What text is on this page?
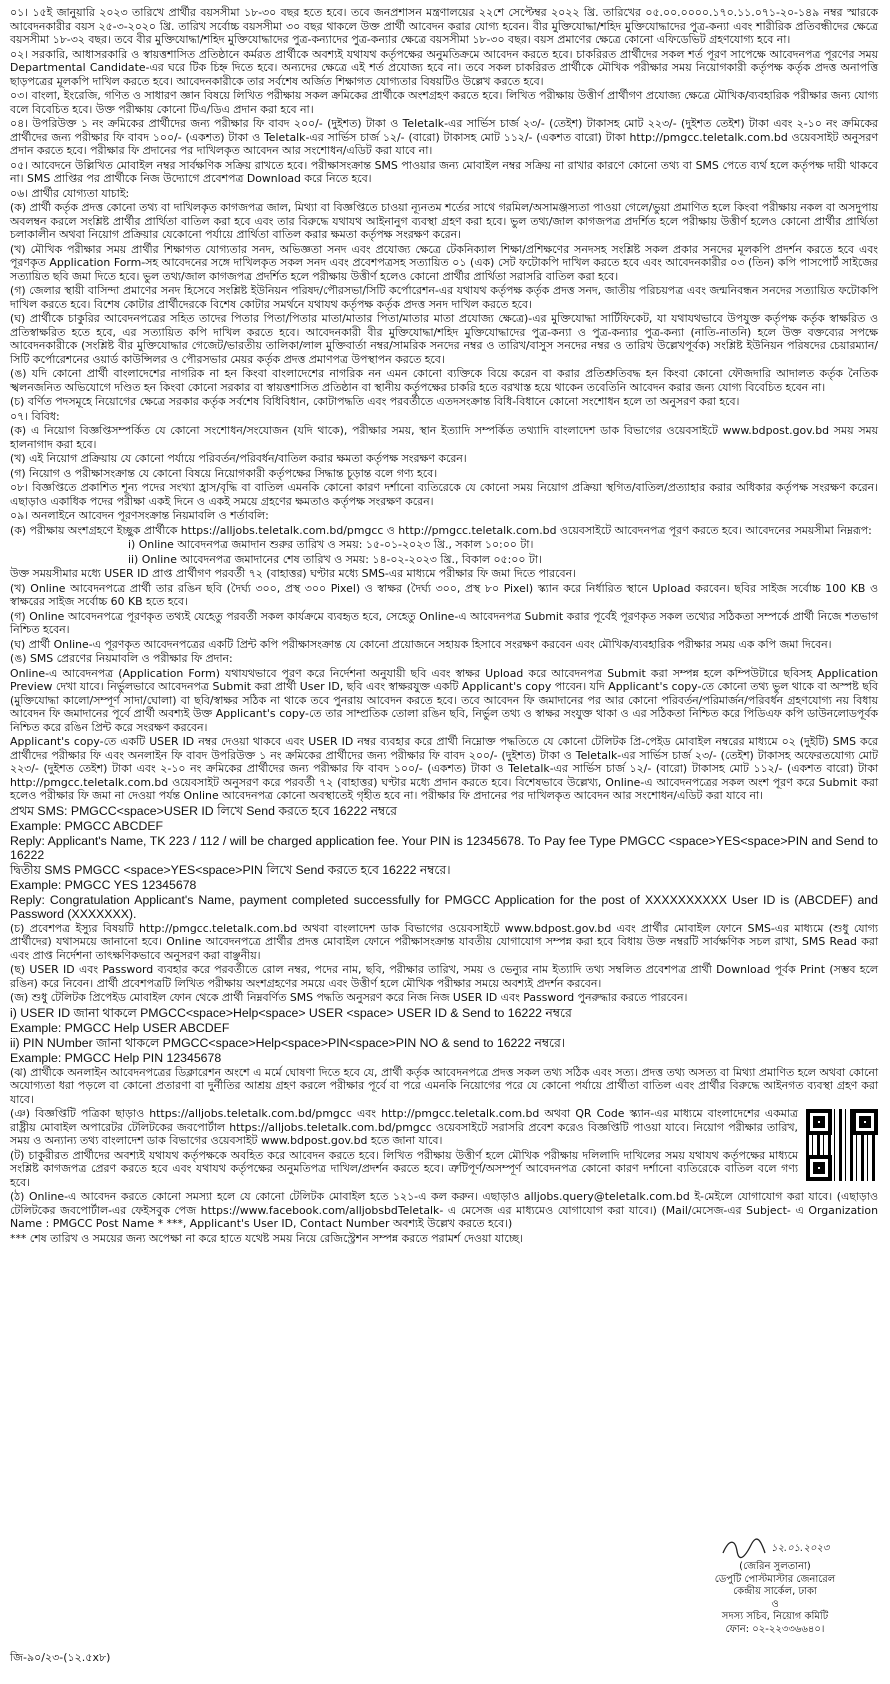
০১। ১৫ই জানুয়ারি ২০২৩ তারিখে প্রার্থীর বয়সসীমা ১৮-৩০ বছর হতে হবে। তবে জনপ্রশাসন মন্ত্রণালয়ের ২২শে সেপ্টেম্বর ২০২২ খ্রি. তারিখের ০৫.০০.০০০০.১৭০.১১.০৭১-২০-১৪৯ নম্বর স্মারকে আবেদনকারীর বয়স ২৫-৩-২০২০ খ্রি. তারিখ সর্বোচ্চ বয়সসীমা ৩০ বছর থাকলে উক্ত প্রার্থী আবেদন করার যোগ্য হবেন। বীর মুক্তিযোদ্ধা/শহিদ মুক্তিযোদ্ধাদের পুত্র-কন্যা এবং শারীরিক প্রতিবন্ধীদের ক্ষেত্রে বয়সসীমা ১৮-৩২ বছর। তবে বীর মুক্তিযোদ্ধা/শহিদ মুক্তিযোদ্ধাদের পুত্র-কন্যাদের পুত্র-কন্যার ক্ষেত্রে বয়সসীমা ১৮-৩০ বছর। বয়স প্রমাণের ক্ষেত্রে কোনো এফিডেভিট গ্রহণযোগ্য হবে না।

০২। সরকারি, আধাসরকারি ও স্বায়ত্তশাসিত প্রতিষ্ঠানে কর্মরত প্রার্থীকে অবশ্যই যথাযথ কর্তৃপক্ষের অনুমতিক্রমে আবেদন করতে হবে। চাকরিরত প্রার্থীদের সকল শর্ত পূরণ সাপেক্ষে আবেদনপত্র পূরণের সময় Departmental Candidate-এর ঘরে টিক চিহ্ন দিতে হবে। অন্যদের ক্ষেত্রে এই শর্ত প্রযোজ্য হবে না। তবে সকল চাকরিরত প্রার্থীকে মৌখিক পরীক্ষার সময় নিয়োগকারী কর্তৃপক্ষ কর্তৃক প্রদত্ত অনাপত্তি ছাড়পত্রের মূলকপি দাখিল করতে হবে। আবেদনকারীকে তার সর্বশেষ অর্জিত শিক্ষাগত যোগ্যতার বিষয়টিও উল্লেখ করতে হবে।

০৩। বাংলা, ইংরেজি, গণিত ও সাধারণ জ্ঞান বিষয়ে লিখিত পরীক্ষায় সকল ক্রমিকের প্রার্থীকে অংশগ্রহণ করতে হবে। লিখিত পরীক্ষায় উত্তীর্ণ প্রার্থীগণ প্রযোজ্য ক্ষেত্রে মৌখিক/ব্যবহারিক পরীক্ষার জন্য যোগ্য বলে বিবেচিত হবে। উক্ত পরীক্ষায় কোনো টিএ/ডিএ প্রদান করা হবে না।

০৪। উপরিউক্ত ১ নং ক্রমিকের প্রার্থীদের জন্য পরীক্ষার ফি বাবদ ২০০/- (দুইশত) টাকা ও Teletalk-এর সার্ভিস চার্জ ২৩/- (তেইশ) টাকাসহ মোট ২২৩/- (দুইশত তেইশ) টাকা এবং ২-১০ নং ক্রমিকের প্রার্থীদের জন্য পরীক্ষার ফি বাবদ ১০০/- (একশত) টাকা ও Teletalk-এর সার্ভিস চার্জ ১২/- (বারো) টাকাসহ মোট ১১২/- (একশত বারো) টাকা http://pmgcc.teletalk.com.bd ওয়েবসাইট অনুসরণ প্রদান করতে হবে। পরীক্ষার ফি প্রদানের পর দাখিলকৃত আবেদন আর সংশোধন/এডিট করা যাবে না।

০৫। আবেদনে উল্লিখিত মোবাইল নম্বর সার্বক্ষণিক সক্রিয় রাখতে হবে। পরীক্ষাসংক্রান্ত SMS পাওয়ার জন্য মোবাইল নম্বর সক্রিয় না রাখার কারণে কোনো তথ্য বা SMS পেতে ব্যর্থ হলে কর্তৃপক্ষ দায়ী থাকবে না। SMS প্রাপ্তির পর প্রার্থীকে নিজ উদ্যোগে প্রবেশপত্র Download করে নিতে হবে।

০৬। প্রার্থীর যোগ্যতা যাচাই:

(ক) প্রার্থী কর্তৃক প্রদত্ত কোনো তথ্য বা দাখিলকৃত কাগজপত্র জাল, মিথ্যা বা বিজ্ঞপ্তিতে চাওয়া ন্যূনতম শর্তের সাথে গরমিল/অসামঞ্জস্যতা পাওয়া গেলে/ভুয়া প্রমাণিত হলে কিংবা পরীক্ষায় নকল বা অসদুপায় অবলম্বন করলে সংশ্লিষ্ট প্রার্থীর প্রার্থিতা বাতিল করা হবে এবং তার বিরুদ্ধে যথাযথ আইনানুগ ব্যবস্থা গ্রহণ করা হবে। ভুল তথ্য/জাল কাগজপত্র প্রদর্শিত হলে পরীক্ষায় উত্তীর্ণ হলেও কোনো প্রার্থীর প্রার্থিতা চলাকালীন অথবা নিয়োগ প্রক্রিয়ার যেকোনো পর্যায়ে প্রার্থিতা বাতিল করার ক্ষমতা কর্তৃপক্ষ সংরক্ষণ করেন।

(খ) মৌখিক পরীক্ষার সময় প্রার্থীর শিক্ষাগত যোগ্যতার সনদ, অভিজ্ঞতা সনদ এবং প্রযোজ্য ক্ষেত্রে টেকনিক্যাল শিক্ষা/প্রশিক্ষণের সনদসহ সংশ্লিষ্ট সকল প্রকার সনদের মূলকপি প্রদর্শন করতে হবে এবং পূরণকৃত Application Form-সহ আবেদনের সঙ্গে দাখিলকৃত সকল সনদ এবং প্রবেশপত্রসহ সত্যায়িত ০১ (এক) সেট ফটোকপি দাখিল করতে হবে এবং আবেদনকারীর ০৩ (তিন) কপি পাসপোর্ট সাইজের সত্যায়িত ছবি জমা দিতে হবে। ভুল তথ্য/জাল কাগজপত্র প্রদর্শিত হলে পরীক্ষায় উত্তীর্ণ হলেও কোনো প্রার্থীর প্রার্থিতা সরাসরি বাতিল করা হবে।

(গ) জেলার স্থায়ী বাসিন্দা প্রমাণের সনদ হিসেবে সংশ্লিষ্ট ইউনিয়ন পরিষদ/পৌরসভা/সিটি কর্পোরেশন-এর যথাযথ কর্তৃপক্ষ কর্তৃক প্রদত্ত সনদ, জাতীয় পরিচয়পত্র এবং জন্মনিবন্ধন সনদের সত্যায়িত ফটোকপি দাখিল করতে হবে। বিশেষ কোটার প্রার্থীদেরকে বিশেষ কোটার সমর্থনে যথাযথ কর্তৃপক্ষ কর্তৃক প্রদত্ত সনদ দাখিল করতে হবে।

(ঘ) প্রার্থীকে চাকুরির আবেদনপত্রের সহিত তাদের পিতার পিতা/পিতার মাতা/মাতার পিতা/মাতার মাতা প্রযোজ্য ক্ষেত্রে)-এর মুক্তিযোদ্ধা সার্টিফিকেট, যা যথাযথভাবে উপযুক্ত কর্তৃপক্ষ কর্তৃক স্বাক্ষরিত ও প্রতিস্বাক্ষরিত হতে হবে, এর সত্যায়িত কপি দাখিল করতে হবে। আবেদনকারী বীর মুক্তিযোদ্ধা/শহিদ মুক্তিযোদ্ধাদের পুত্র-কন্যা ও পুত্র-কন্যার পুত্র-কন্যা (নাতি-নাতনি) হলে উক্ত বক্তব্যের সপক্ষে আবেদনকারীকে (সংশ্লিষ্ট বীর মুক্তিযোদ্ধার গেজেট/ভারতীয় তালিকা/লাল মুক্তিবার্তা নম্বর/সামরিক সনদের নম্বর ও তারিখ/বাসুস সনদের নম্বর ও তারিখ উল্লেখপূর্বক) সংশ্লিষ্ট ইউনিয়ন পরিষদের চেয়ারম্যান/সিটি কর্পোরেশনের ওয়ার্ড কাউন্সিলর ও পৌরসভার মেয়র কর্তৃক প্রদত্ত প্রমাণপত্র উপস্থাপন করতে হবে।

(ঙ) যদি কোনো প্রার্থী বাংলাদেশের নাগরিক না হন কিংবা বাংলাদেশের নাগরিক নন এমন কোনো ব্যক্তিকে বিয়ে করেন বা করার প্রতিশ্রুতিবদ্ধ হন কিংবা কোনো ফৌজদারি আদালত কর্তৃক নৈতিক স্খলনজনিত অভিযোগে দণ্ডিত হন কিংবা কোনো সরকার বা স্বায়ত্তশাসিত প্রতিষ্ঠান বা স্থানীয় কর্তৃপক্ষের চাকরি হতে বরখাস্ত হয়ে থাকেন তবেতিনি আবেদন করার জন্য যোগ্য বিবেচিত হবেন না।

(চ) বর্ণিত পদসমূহে নিয়োগের ক্ষেত্রে সরকার কর্তৃক সর্বশেষ বিধিবিধান, কোটাপদ্ধতি এবং পরবর্তীতে এতদসংক্রান্ত বিধি-বিধানে কোনো সংশোধন হলে তা অনুসরণ করা হবে।

০৭। বিবিধ:

(ক) এ নিয়োগ বিজ্ঞপ্তিসম্পর্কিত যে কোনো সংশোধন/সংযোজন (যদি থাকে), পরীক্ষার সময়, স্থান ইত্যাদি সম্পর্কিত তথ্যাদি বাংলাদেশ ডাক বিভাগের ওয়েবসাইটে www.bdpost.gov.bd সময় সময় হালনাগাদ করা হবে।

(খ) এই নিয়োগ প্রক্রিয়ায় যে কোনো পর্যায়ে পরিবর্তন/পরিবর্ধন/বাতিল করার ক্ষমতা কর্তৃপক্ষ সংরক্ষণ করেন।

(গ) নিয়োগ ও পরীক্ষাসংক্রান্ত যে কোনো বিষয়ে নিয়োগকারী কর্তৃপক্ষের সিদ্ধান্ত চূড়ান্ত বলে গণ্য হবে।

০৮। বিজ্ঞপ্তিতে প্রকাশিত শূন্য পদের সংখ্যা হ্রাস/বৃদ্ধি বা বাতিল এমনকি কোনো কারণ দর্শানো ব্যতিরেকে যে কোনো সময় নিয়োগ প্রক্রিয়া স্থগিত/বাতিল/প্রত্যাহার করার অধিকার কর্তৃপক্ষ সংরক্ষণ করেন। এছাড়াও একাধিক পদের পরীক্ষা একই দিনে ও একই সময়ে গ্রহণের ক্ষমতাও কর্তৃপক্ষ সংরক্ষণ করেন।

০৯। অনলাইনে আবেদন পূরণসংক্রান্ত নিয়মাবলি ও শর্তাবলি:

(ক) পরীক্ষায় অংশগ্রহণে ইচ্ছুক প্রার্থীকে https://alljobs.teletalk.com.bd/pmgcc ও http://pmgcc.teletalk.com.bd ওয়েবসাইটে আবেদনপত্র পূরণ করতে হবে। আবেদনের সময়সীমা নিম্নরূপ:

i) Online আবেদনপত্র জমাদান শুরুর তারিখ ও সময়: ১৫-০১-২০২৩ খ্রি., সকাল ১০:০০ টা।

ii) Online আবেদনপত্র জমাদানের শেষ তারিখ ও সময়: ১৪-০২-২০২৩ খ্রি., বিকাল ০৫:০০ টা।

উক্ত সময়সীমার মধ্যে USER ID প্রাপ্ত প্রার্থীগণ পরবর্তী ৭২ (বাহাত্তর) ঘণ্টার মধ্যে SMS-এর মাধ্যমে পরীক্ষার ফি জমা দিতে পারবেন।

(খ) Online আবেদনপত্রে প্রার্থী তার রঙিন ছবি (দৈর্ঘ্য ৩০০, প্রস্থ ৩০০ Pixel) ও স্বাক্ষর (দৈর্ঘ্য ৩০০, প্রস্থ ৮০ Pixel) স্ক্যান করে নির্ধারিত স্থানে Upload করবেন। ছবির সাইজ সর্বোচ্চ 100 KB ও স্বাক্ষরের সাইজ সর্বোচ্চ 60 KB হতে হবে।

(গ) Online আবেদনপত্রে পূরণকৃত তথ্যই যেহেতু পরবর্তী সকল কার্যক্রমে ব্যবহৃত হবে, সেহেতু Online-এ আবেদনপত্র Submit করার পূর্বেই পূরণকৃত সকল তথ্যের সঠিকতা সম্পর্কে প্রার্থী নিজে শতভাগ নিশ্চিত হবেন।

(ঘ) প্রার্থী Online-এ পূরণকৃত আবেদনপত্রের একটি প্রিন্ট কপি পরীক্ষাসংক্রান্ত যে কোনো প্রয়োজনে সহায়ক হিসাবে সংরক্ষণ করবেন এবং মৌখিক/ব্যবহারিক পরীক্ষার সময় এক কপি জমা দিবেন।

(ঙ) SMS প্রেরণের নিয়মাবলি ও পরীক্ষার ফি প্রদান:

Online-এ আবেদনপত্র (Application Form) যথাযথভাবে পূরণ করে নির্দেশনা অনুযায়ী ছবি এবং স্বাক্ষর Upload করে আবেদনপত্র Submit করা সম্পন্ন হলে কম্পিউটারে ছবিসহ Application Preview দেখা যাবে। নির্ভুলভাবে আবেদনপত্র Submit করা প্রার্থী User ID, ছবি এবং স্বাক্ষরযুক্ত একটি Applicant's copy পাবেন। যদি Applicant's copy-তে কোনো তথ্য ভুল থাকে বা অস্পষ্ট ছবি (মুক্তিযোদ্ধা কালো/সম্পূর্ণ সাদা/ঘোলা) বা ছবি/স্বাক্ষর সঠিক না থাকে তবে পুনরায় আবেদন করতে হবে। তবে আবেদন ফি জমাদানের পর আর কোনো পরিবর্তন/পরিমার্জন/পরিবর্ধন গ্রহণযোগ্য নয় বিধায় আবেদন ফি জমাদানের পূর্বে প্রার্থী অবশ্যই উক্ত Applicant's copy-তে তার সাম্প্রতিক তোলা রঙিন ছবি, নির্ভুল তথ্য ও স্বাক্ষর সংযুক্ত থাকা ও এর সঠিকতা নিশ্চিত করে পিডিএফ কপি ডাউনলোডপূর্বক নিশ্চিত করে রঙিন প্রিন্ট করে সংরক্ষণ করবেন।

Applicant's copy-তে একটি USER ID নম্বর দেওয়া থাকবে এবং USER ID নম্বর ব্যবহার করে প্রার্থী নিম্নোক্ত পদ্ধতিতে যে কোনো টেলিটক প্রি-পেইড মোবাইল নম্বরের মাধ্যমে ০২ (দুইটি) SMS করে প্রার্থীদের পরীক্ষার ফি এবং অনলাইন ফি বাবদ উপরিউক্ত ১ নং ক্রমিকের প্রার্থীদের জন্য পরীক্ষার ফি বাবদ ২০০/- (দুইশত) টাকা ও Teletalk-এর সার্ভিস চার্জ ২৩/- (তেইশ) টাকাসহ অফেরতযোগ্য মোট ২২৩/- (দুইশত তেইশ) টাকা এবং ২-১০ নং ক্রমিকের প্রার্থীদের জন্য পরীক্ষার ফি বাবদ ১০০/- (একশত) টাকা ও Teletalk-এর সার্ভিস চার্জ ১২/- (বারো) টাকাসহ মোট ১১২/- (একশত বারো) টাকা http://pmgcc.teletalk.com.bd ওয়েবসাইট অনুসরণ করে পরবর্তী ৭২ (বাহাত্তর) ঘণ্টার মধ্যে প্রদান করতে হবে। বিশেষভাবে উল্লেখ্য, Online-এ আবেদনপত্রের সকল অংশ পূরণ করে Submit করা হলেও পরীক্ষার ফি জমা না দেওয়া পর্যন্ত Online আবেদনপত্র কোনো অবস্থাতেই গৃহীত হবে না। পরীক্ষার ফি প্রদানের পর দাখিলকৃত আবেদন আর সংশোধন/এডিট করা যাবে না।

প্রথম SMS: PMGCC<space>USER ID লিখে Send করতে হবে 16222 নম্বরে

Example: PMGCC ABCDEF

Reply: Applicant's Name, TK 223 / 112 / will be charged application fee. Your PIN is 12345678. To Pay fee Type PMGCC <space>YES<space>PIN and Send to 16222

দ্বিতীয় SMS PMGCC <space>YES<space>PIN লিখে Send করতে হবে 16222 নম্বরে।

Example: PMGCC YES 12345678

Reply: Congratulation Applicant's Name, payment completed successfully for PMGCC Application for the post of XXXXXXXXXX User ID is (ABCDEF) and Password (XXXXXXX).

(চ) প্রবেশপত্র ইস্যুর বিষয়টি http://pmgcc.teletalk.com.bd অথবা বাংলাদেশ ডাক বিভাগের ওয়েবসাইটে www.bdpost.gov.bd এবং প্রার্থীর মোবাইল ফোনে SMS-এর মাধ্যমে (শুধু যোগ্য প্রার্থীদের) যথাসময়ে জানানো হবে। Online আবেদনপত্রে প্রার্থীর প্রদত্ত মোবাইল ফোনে পরীক্ষাসংক্রান্ত যাবতীয় যোগাযোগ সম্পন্ন করা হবে বিধায় উক্ত নম্বরটি সার্বক্ষণিক সচল রাখা, SMS Read করা এবং প্রাপ্ত নির্দেশনা তাৎক্ষণিকভাবে অনুসরণ করা বাঞ্ছনীয়।

(ছ) USER ID এবং Password ব্যবহার করে পরবর্তীতে রোল নম্বর, পদের নাম, ছবি, পরীক্ষার তারিখ, সময় ও ভেন্যুর নাম ইত্যাদি তথ্য সম্বলিত প্রবেশপত্র প্রার্থী Download পূর্বক Print (সম্ভব হলে রঙিন) করে নিবেন। প্রার্থী প্রবেশপত্রটি লিখিত পরীক্ষায় অংশগ্রহণের সময়ে এবং উত্তীর্ণ হলে মৌখিক পরীক্ষার সময়ে অবশ্যই প্রদর্শন করবেন।

(জ) শুধু টেলিটক প্রিপেইড মোবাইল ফোন থেকে প্রার্থী নিম্নবর্ণিত SMS পদ্ধতি অনুসরণ করে নিজ নিজ USER ID এবং Password পুনরুদ্ধার করতে পারবেন।

i) USER ID জানা থাকলে PMGCC<space>Help<space> USER <space> USER ID & Send to 16222 নম্বরে

Example: PMGCC Help USER ABCDEF

ii) PIN NUmber জানা থাকলে PMGCC<space>Help<space>PIN<space>PIN NO & send to 16222 নম্বরে।

Example: PMGCC Help PIN 12345678

(ঝ) প্রার্থীকে অনলাইন আবেদনপত্রের ডিক্লারেশন অংশে এ মর্মে ঘোষণা দিতে হবে যে, প্রার্থী কর্তৃক আবেদনপত্রে প্রদত্ত সকল তথ্য সঠিক এবং সত্য। প্রদত্ত তথ্য অসত্য বা মিথ্যা প্রমাণিত হলে অথবা কোনো অযোগ্যতা ধরা পড়লে বা কোনো প্রতারণা বা দুর্নীতির আশ্রয় গ্রহণ করলে পরীক্ষার পূর্বে বা পরে এমনকি নিয়োগের পরে যে কোনো পর্যায়ে প্রার্থীতা বাতিল এবং প্রার্থীর বিরুদ্ধে আইনগত ব্যবস্থা গ্রহণ করা যাবে।

(ঞ) বিজ্ঞপ্তিটি পত্রিকা ছাড়াও https://alljobs.teletalk.com.bd/pmgcc এবং http://pmgcc.teletalk.com.bd অথবা QR Code স্ক্যান-এর মাধ্যমে বাংলাদেশের একমাত্র রাষ্ট্রীয় মোবাইল অপারেটর টেলিটকের জবপোর্টাল https://alljobs.teletalk.com.bd/pmgcc ওয়েবসাইটে সরাসরি প্রবেশ করেও বিজ্ঞপ্তিটি পাওয়া যাবে। নিয়োগ পরীক্ষার তারিখ, সময় ও অন্যান্য তথ্য বাংলাদেশ ডাক বিভাগের ওয়েবসাইট www.bdpost.gov.bd হতে জানা যাবে।

(ট) চাকুরীরত প্রার্থীদের অবশ্যই যথাযথ কর্তৃপক্ষকে অবহিত করে আবেদন করতে হবে। লিখিত পরীক্ষায় উত্তীর্ণ হলে মৌখিক পরীক্ষায় দলিলাদি দাখিলের সময় যথাযথ কর্তৃপক্ষের মাধ্যমে সংশ্লিষ্ট কাগজপত্র প্রেরণ করতে হবে এবং যথাযথ কর্তৃপক্ষের অনুমতিপত্র দাখিল/প্রদর্শন করতে হবে। ত্রুটিপূর্ণ/অসম্পূর্ণ আবেদনপত্র কোনো কারণ দর্শানো ব্যতিরেকে বাতিল বলে গণ্য হবে।

(ঠ) Online-এ আবেদন করতে কোনো সমস্যা হলে যে কোনো টেলিটক মোবাইল হতে ১২১-এ কল করুন। এছাড়াও alljobs.query@teletalk.com.bd ই-মেইলে যোগাযোগ করা যাবে। (এছাড়াও টেলিটকের জবপোর্টাল-এর ফেইসবুক পেজ https://www.facebook.com/alljobsbdTeletalk- এ মেসেজ এর মাধ্যমেও যোগাযোগ করা যাবে।) (Mail/মেসেজ-এর Subject- এ Organization Name : PMGCC Post Name * ***, Applicant's User ID, Contact Number অবশ্যই উল্লেখ করতে হবে।)

*** শেষ তারিখ ও সময়ের জন্য অপেক্ষা না করে হাতে যথেষ্ট সময় নিয়ে রেজিস্ট্রেশন সম্পন্ন করতে পরামর্শ দেওয়া যাচ্ছে।

১২.০১.২০২৩
(জেরিন সুলতানা)
ডেপুটি পোস্টমাস্টার জেনারেল
কেন্দ্রীয় সার্কেল, ঢাকা
ও
সদস্য সচিব, নিয়োগ কমিটি
ফোন: ০২-২২৩৩৬৬৪০।
জি-৯০/২৩-(১২.৫x৮)
